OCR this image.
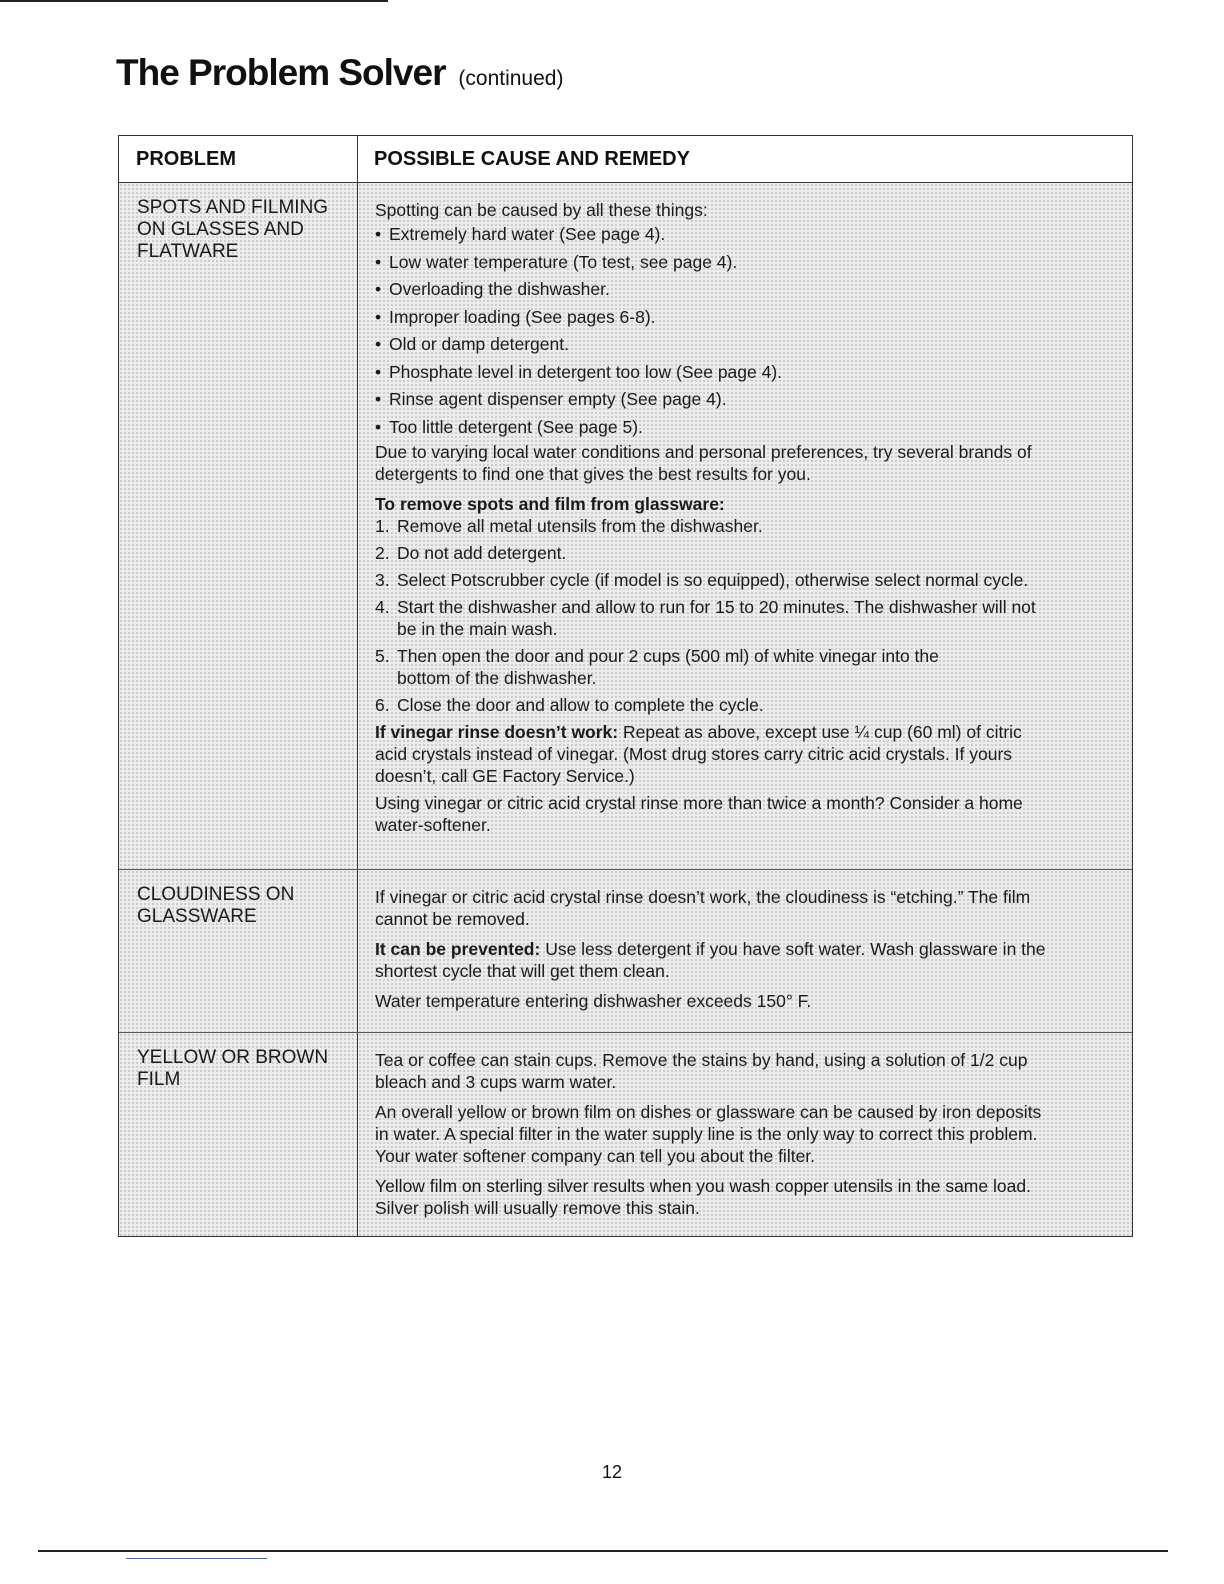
The Problem Solver (continued)
PROBLEM	POSSIBLE CAUSE AND REMEDY
SPOTS AND FILMING
ON GLASSES AND
FLATWARE
Spotting can be caused by all these things:
• Extremely hard water (See page 4).
• Low water temperature (To test, see page 4).
• Overloading the dishwasher.
• Improper loading (See pages 6-8).
• Old or damp detergent.
• Phosphate level in detergent too low (See page 4).
• Rinse agent dispenser empty (See page 4).
• Too little detergent (See page 5).
Due to varying local water conditions and personal preferences, try several brands of
detergents to find one that gives the best results for you.
To remove spots and film from glassware:
1. Remove all metal utensils from the dishwasher.
2. Do not add detergent.
3. Select Potscrubber cycle (if model is so equipped), otherwise select normal cycle.
4. Start the dishwasher and allow to run for 15 to 20 minutes. The dishwasher will not
be in the main wash.
5. Then open the door and pour 2 cups (500 ml) of white vinegar into the
bottom of the dishwasher.
6. Close the door and allow to complete the cycle.
If vinegar rinse doesn’t work: Repeat as above, except use ¼ cup (60 ml) of citric
acid crystals instead of vinegar. (Most drug stores carry citric acid crystals. If yours
doesn’t, call GE Factory Service.)
Using vinegar or citric acid crystal rinse more than twice a month? Consider a home
water-softener.
CLOUDINESS ON
GLASSWARE
If vinegar or citric acid crystal rinse doesn’t work, the cloudiness is “etching.” The film
cannot be removed.
It can be prevented: Use less detergent if you have soft water. Wash glassware in the
shortest cycle that will get them clean.
Water temperature entering dishwasher exceeds 150° F.
YELLOW OR BROWN
FILM
Tea or coffee can stain cups. Remove the stains by hand, using a solution of 1/2 cup
bleach and 3 cups warm water.
An overall yellow or brown film on dishes or glassware can be caused by iron deposits
in water. A special filter in the water supply line is the only way to correct this problem.
Your water softener company can tell you about the filter.
Yellow film on sterling silver results when you wash copper utensils in the same load.
Silver polish will usually remove this stain.
12
